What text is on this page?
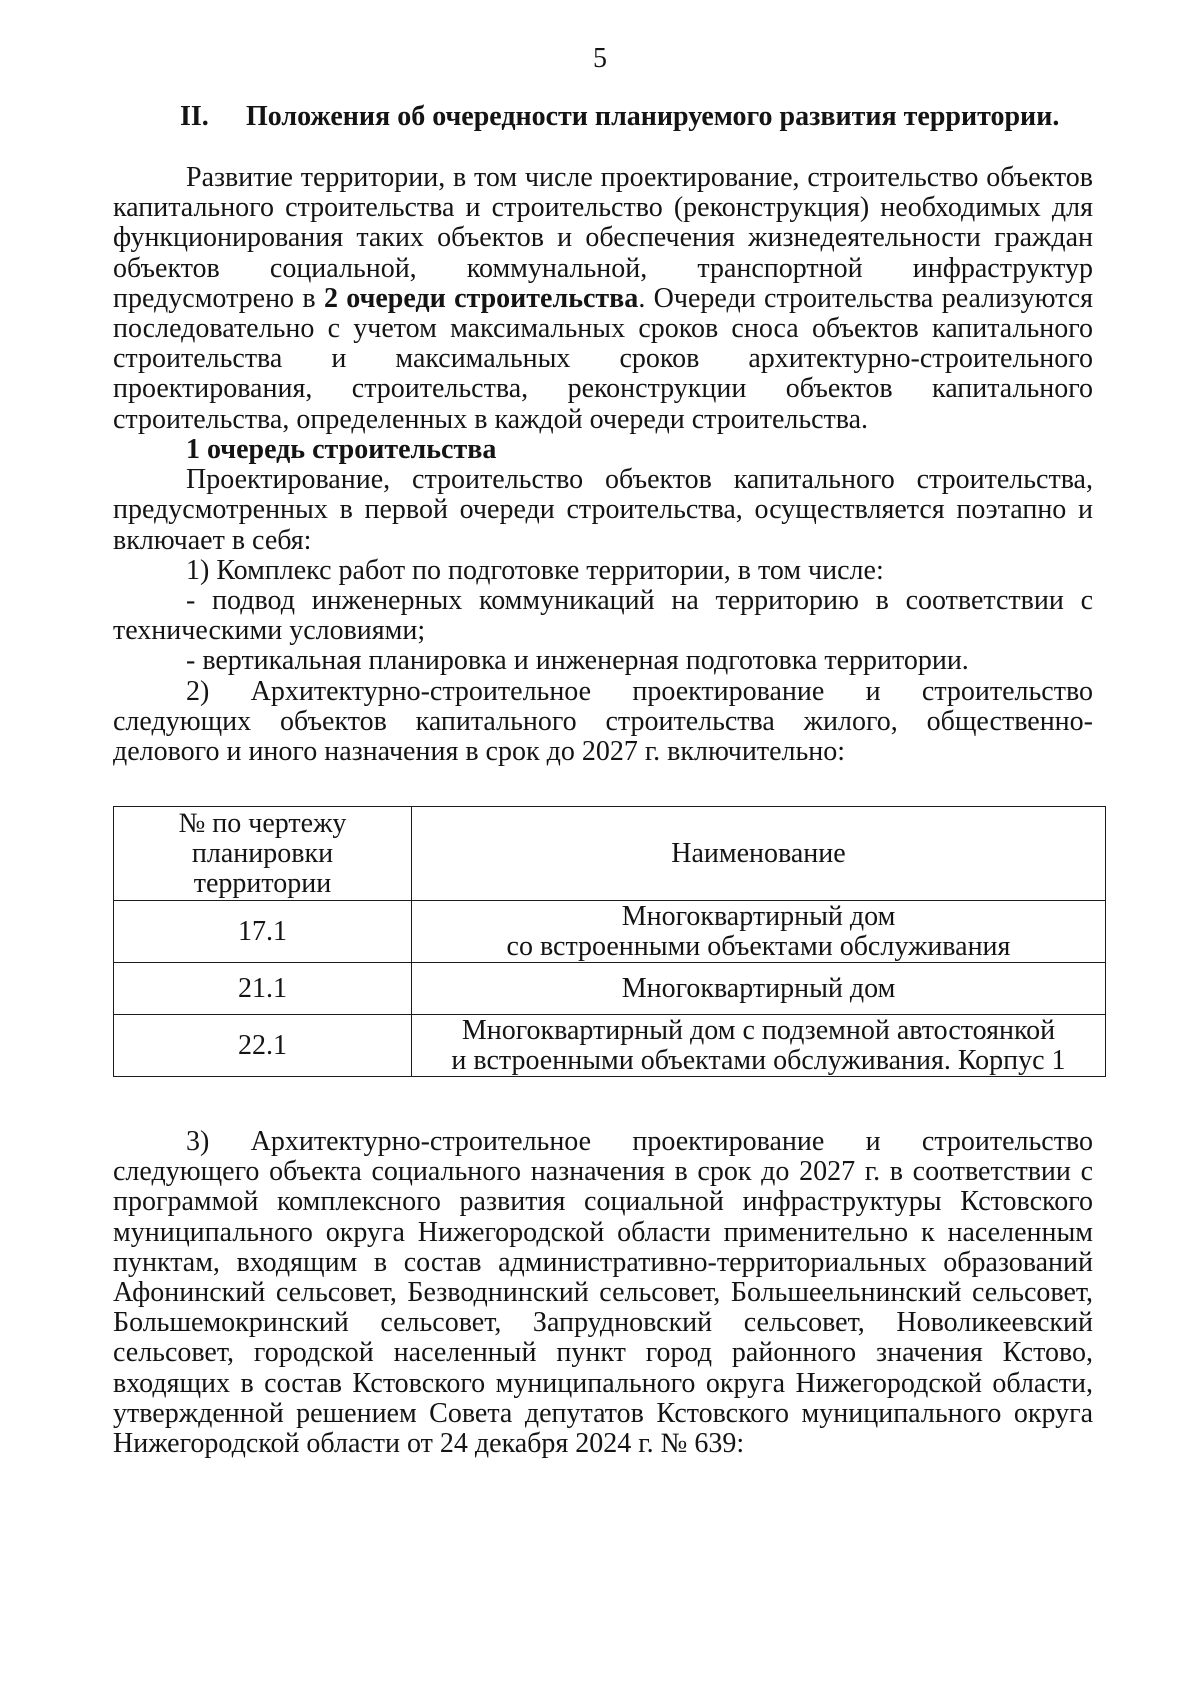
5
II. Положения об очередности планируемого развития территории.
Развитие территории, в том числе проектирование, строительство объектов
капитального строительства и строительство (реконструкция) необходимых для
функционирования таких объектов и обеспечения жизнедеятельности граждан
объектов социальной, коммунальной, транспортной инфраструктур
предусмотрено в 2 очереди строительства. Очереди строительства реализуются
последовательно с учетом максимальных сроков сноса объектов капитального
строительства и максимальных сроков архитектурно-строительного
проектирования, строительства, реконструкции объектов капитального
строительства, определенных в каждой очереди строительства.
1 очередь строительства
Проектирование, строительство объектов капитального строительства,
предусмотренных в первой очереди строительства, осуществляется поэтапно и
включает в себя:
1) Комплекс работ по подготовке территории, в том числе:
- подвод инженерных коммуникаций на территорию в соответствии с
техническими условиями;
- вертикальная планировка и инженерная подготовка территории.
2) Архитектурно-строительное проектирование и строительство
следующих объектов капитального строительства жилого, общественно-
делового и иного назначения в срок до 2027 г. включительно:
№ по чертежу
планировки
территории	Наименование
17.1	Многоквартирный дом
со встроенными объектами обслуживания
21.1	Многоквартирный дом
22.1	Многоквартирный дом с подземной автостоянкой
и встроенными объектами обслуживания. Корпус 1
3) Архитектурно-строительное проектирование и строительство
следующего объекта социального назначения в срок до 2027 г. в соответствии с
программой комплексного развития социальной инфраструктуры Кстовского
муниципального округа Нижегородской области применительно к населенным
пунктам, входящим в состав административно-территориальных образований
Афонинский сельсовет, Безводнинский сельсовет, Большеельнинский сельсовет,
Большемокринский сельсовет, Запрудновский сельсовет, Новоликеевский
сельсовет, городской населенный пункт город районного значения Кстово,
входящих в состав Кстовского муниципального округа Нижегородской области,
утвержденной решением Совета депутатов Кстовского муниципального округа
Нижегородской области от 24 декабря 2024 г. № 639:
